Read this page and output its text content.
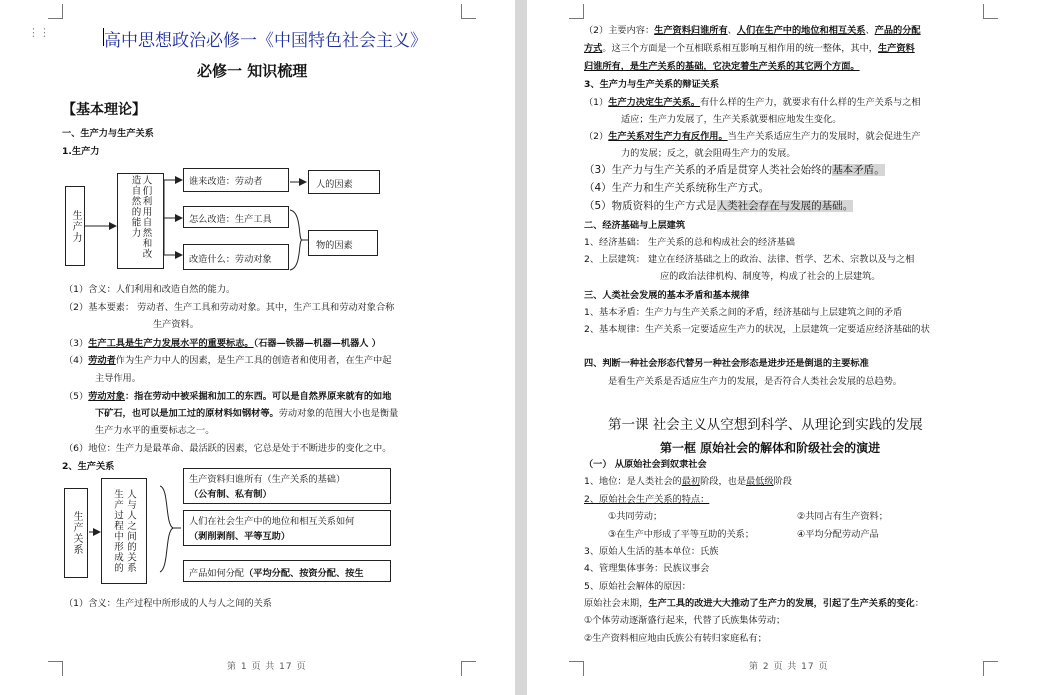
⋮⋮	高中思想政治必修一《中国特色社会主义》
必修一 知识梳理
【基本理论】
一、生产力与生产关系
1.生产力
生产力	人们利用自然和改造自然的能力	谁来改造：劳动者
怎么改造：生产工具
改造什么：劳动对象
人的因素
物的因素
（1）含义：人们利用和改造自然的能力。
（2）基本要素： 劳动者、生产工具和劳动对象。其中，生产工具和劳动对象合称
生产资料。
（3）生产工具是生产力发展水平的重要标志。（石器—铁器—机器—机器人 ）
（4）劳动者作为生产力中人的因素，是生产工具的创造者和使用者，在生产中起
主导作用。
（5）劳动对象：指在劳动中被采掘和加工的东西。可以是自然界原来就有的如地
下矿石，也可以是加工过的原材料如钢材等。劳动对象的范围大小也是衡量
生产力水平的重要标志之一。
（6）地位：生产力是最革命、最活跃的因素，它总是处于不断进步的变化之中。
2、生产关系
生产关系	生产过程中形成的 人与人之间的关系
生产资料归谁所有（生产关系的基础）
（公有制、私有制）
人们在社会生产中的地位和相互关系如何
（剥削剥削、平等互助）
产品如何分配（平均分配、按资分配、按生
（1）含义：生产过程中所形成的人与人之间的关系
第 1 页 共 17 页
（2）主要内容：生产资料归谁所有、人们在生产中的地位和相互关系、产品的分配
方式。这三个方面是一个互相联系相互影响互相作用的统一整体，其中，生产资料
归谁所有，是生产关系的基础，它决定着生产关系的其它两个方面。
3、生产力与生产关系的辩证关系
（1）生产力决定生产关系。有什么样的生产力，就要求有什么样的生产关系与之相
适应；生产力发展了，生产关系就要相应地发生变化。
（2）生产关系对生产力有反作用。当生产关系适应生产力的发展时，就会促进生产
力的发展；反之，就会阻碍生产力的发展。
（3）生产力与生产关系的矛盾是贯穿人类社会始终的基本矛盾。
（4）生产力和生产关系统称生产方式。
（5）物质资料的生产方式是人类社会存在与发展的基础。
二、经济基础与上层建筑
1、经济基础： 生产关系的总和构成社会的经济基础
2、上层建筑： 建立在经济基础之上的政治、法律、哲学、艺术、宗教以及与之相
应的政治法律机构、制度等，构成了社会的上层建筑。
三、人类社会发展的基本矛盾和基本规律
1、基本矛盾：生产力与生产关系之间的矛盾，经济基础与上层建筑之间的矛盾
2、基本规律：生产关系一定要适应生产力的状况，上层建筑一定要适应经济基础的状
四、判断一种社会形态代替另一种社会形态是进步还是倒退的主要标准
是看生产关系是否适应生产力的发展，是否符合人类社会发展的总趋势。
第一课 社会主义从空想到科学、从理论到实践的发展
第一框 原始社会的解体和阶级社会的演进
（一） 从原始社会到奴隶社会
1、地位：是人类社会的最初阶段，也是最低级阶段
2、原始社会生产关系的特点：
①共同劳动；	②共同占有生产资料；
③在生产中形成了平等互助的关系；	④平均分配劳动产品
3、原始人生活的基本单位：氏族
4、管理集体事务：民族议事会
5、原始社会解体的原因：
原始社会末期，生产工具的改进大大推动了生产力的发展，引起了生产关系的变化：
①个体劳动逐渐盛行起来，代替了氏族集体劳动；
②生产资料相应地由氏族公有转归家庭私有；
第 2 页 共 17 页
